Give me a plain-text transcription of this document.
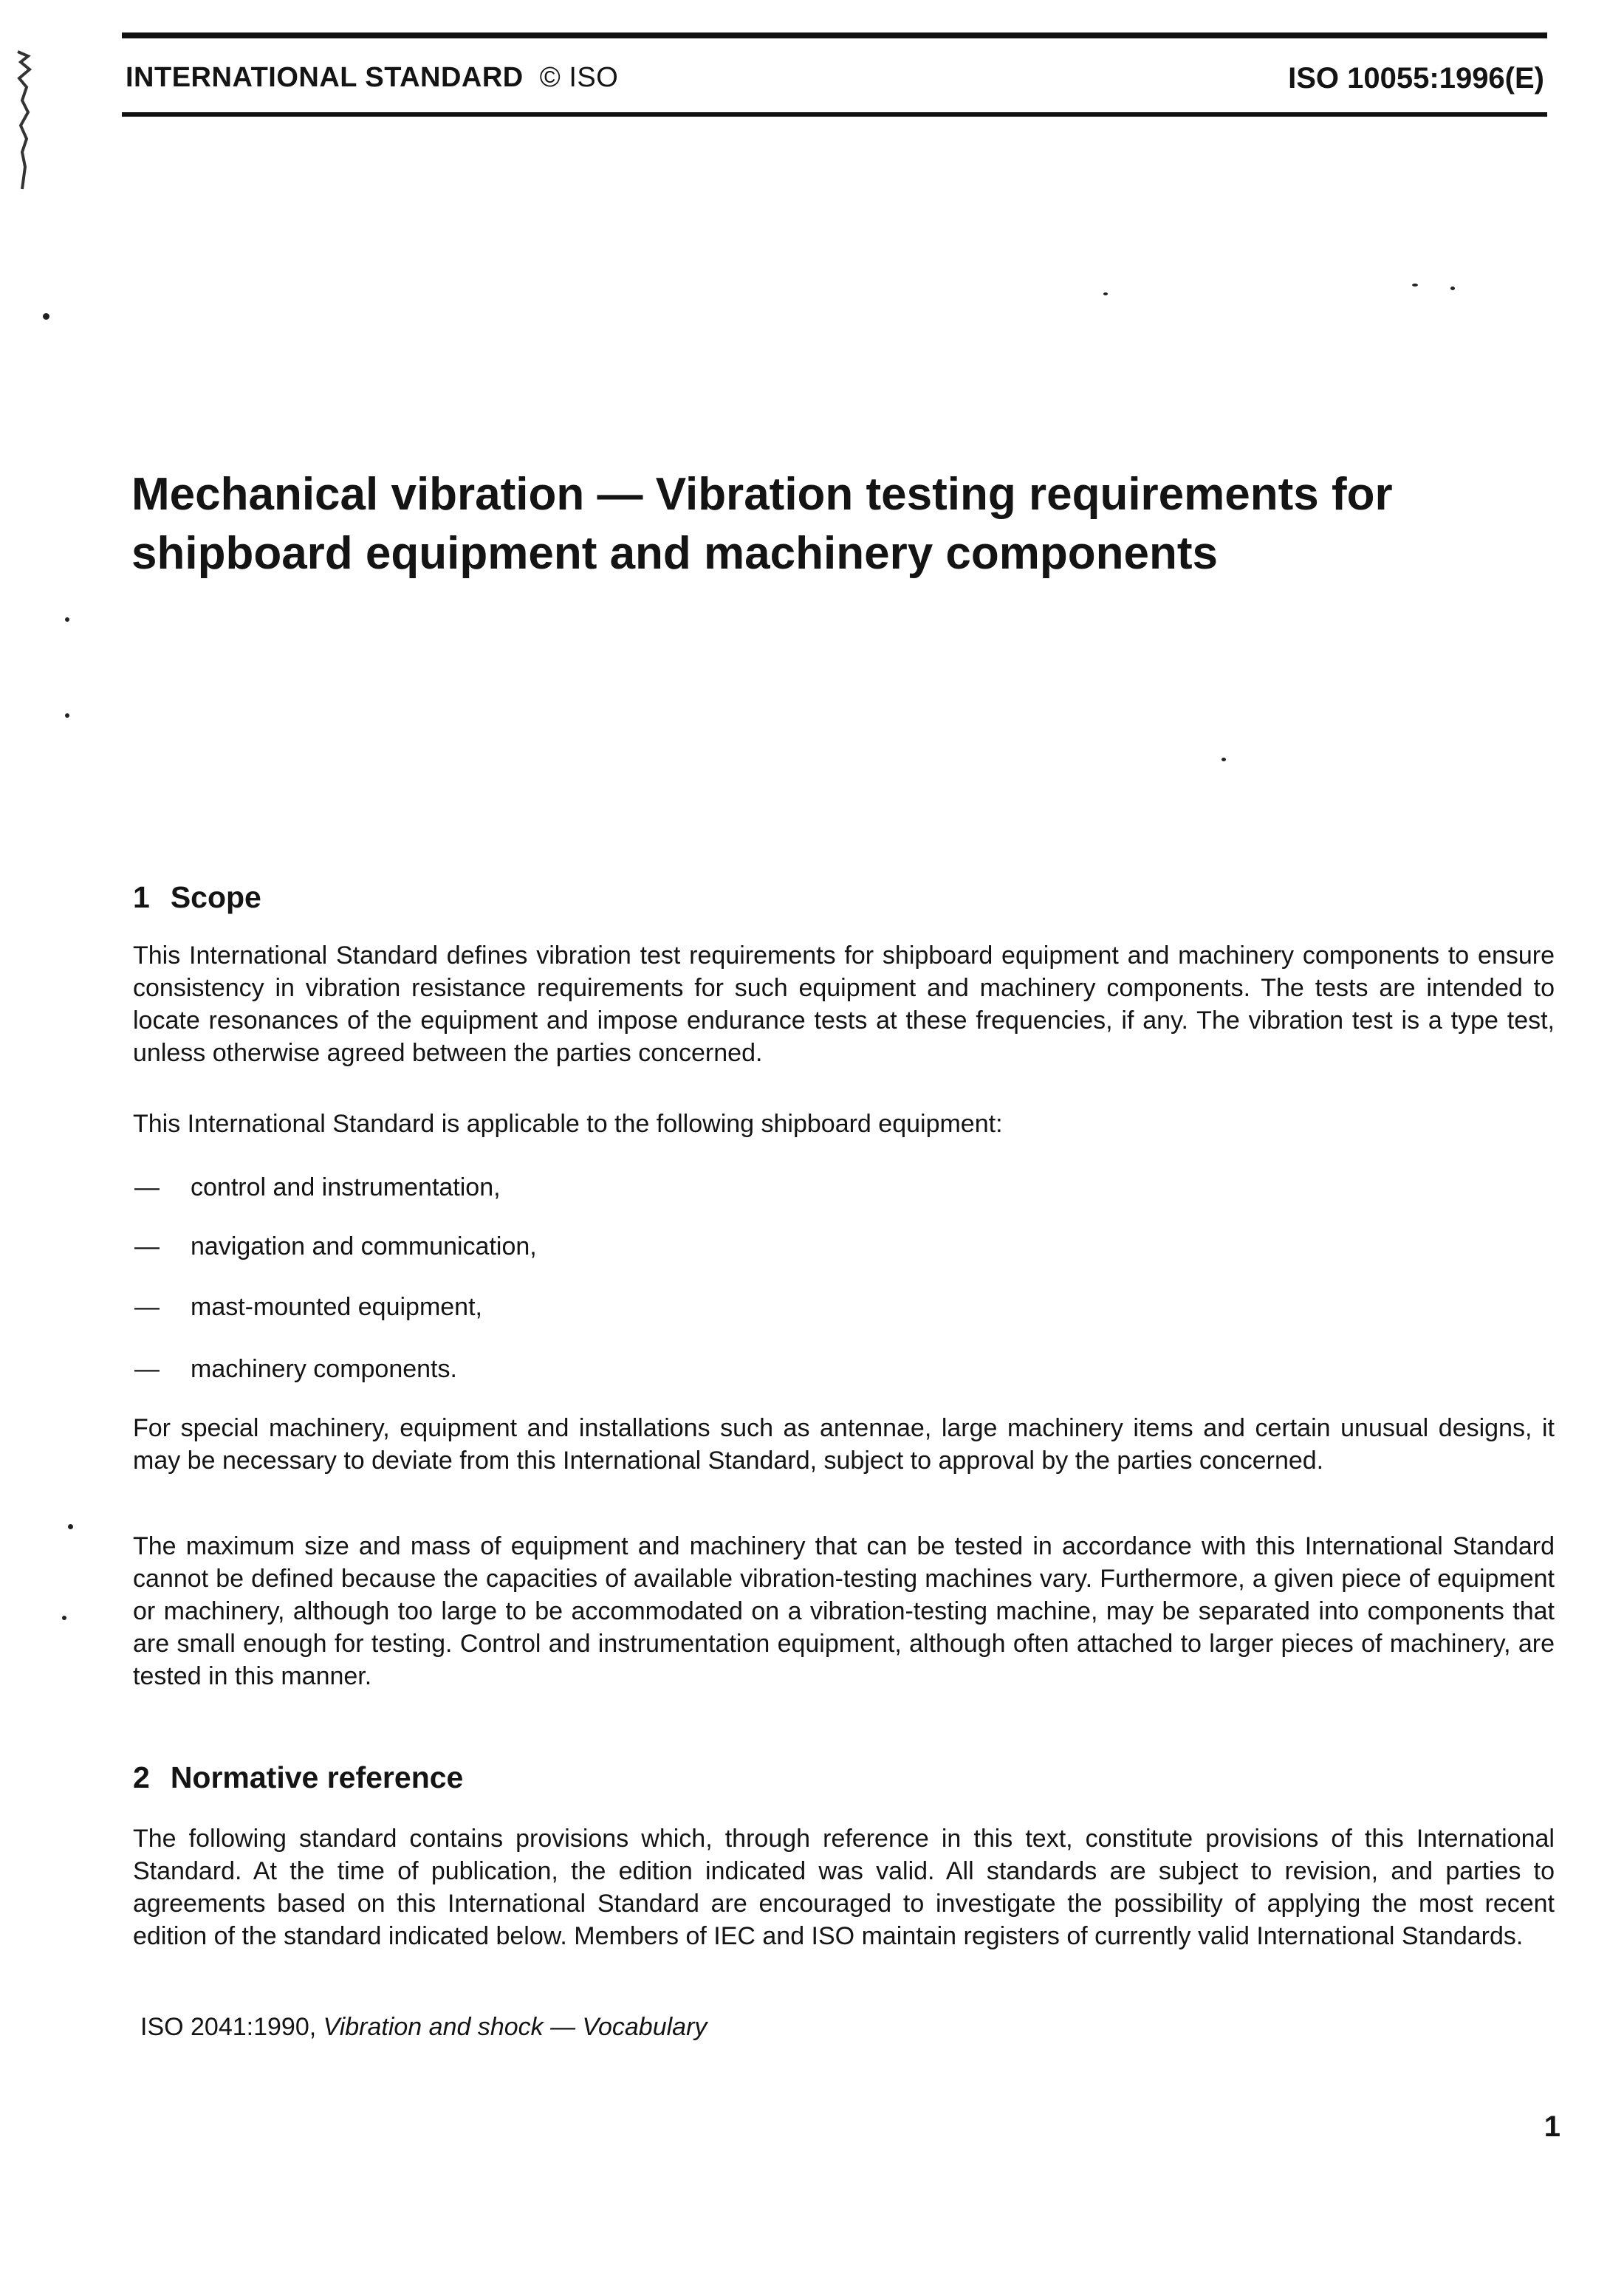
INTERNATIONAL STANDARD © ISO	ISO 10055:1996(E)
Mechanical vibration — Vibration testing requirements for shipboard equipment and machinery components
1 Scope

This International Standard defines vibration test requirements for shipboard equipment and machinery components to ensure consistency in vibration resistance requirements for such equipment and machinery components. The tests are intended to locate resonances of the equipment and impose endurance tests at these frequencies, if any. The vibration test is a type test, unless otherwise agreed between the parties concerned.

This International Standard is applicable to the following shipboard equipment:

— control and instrumentation,
— navigation and communication,
— mast-mounted equipment,
— machinery components.

For special machinery, equipment and installations such as antennae, large machinery items and certain unusual designs, it may be necessary to deviate from this International Standard, subject to approval by the parties concerned.

The maximum size and mass of equipment and machinery that can be tested in accordance with this International Standard cannot be defined because the capacities of available vibration-testing machines vary. Furthermore, a given piece of equipment or machinery, although too large to be accommodated on a vibration-testing machine, may be separated into components that are small enough for testing. Control and instrumentation equipment, although often attached to larger pieces of machinery, are tested in this manner.

2 Normative reference

The following standard contains provisions which, through reference in this text, constitute provisions of this International Standard. At the time of publication, the edition indicated was valid. All standards are subject to revision, and parties to agreements based on this International Standard are encouraged to investigate the possibility of applying the most recent edition of the standard indicated below. Members of IEC and ISO maintain registers of currently valid International Standards.

ISO 2041:1990, Vibration and shock — Vocabulary
1
